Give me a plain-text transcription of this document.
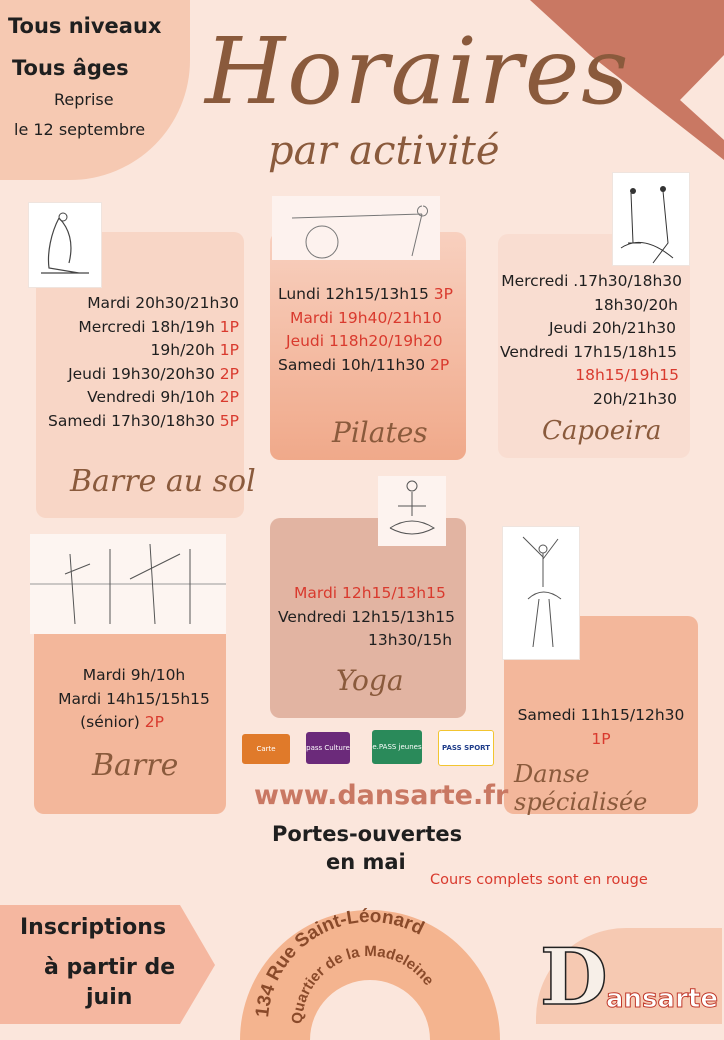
Tous niveaux
Tous âges
Reprise
le 12 septembre
Horaires
par activité
Mardi 20h30/21h30
Mercredi 18h/19h 1P
19h/20h 1P
Jeudi 19h30/20h30 2P
Vendredi 9h/10h 2P
Samedi 17h30/18h30 5P
Barre au sol
Lundi 12h15/13h15 3P
Mardi 19h40/21h10
Jeudi 118h20/19h20
Samedi 10h/11h30 2P
Pilates
Mercredi .17h30/18h30
18h30/20h
Jeudi 20h/21h30
Vendredi 17h15/18h15
18h15/19h15
20h/21h30
Capoeira
Mardi 9h/10h
Mardi 14h15/15h15
(sénior) 2P
Barre
Mardi 12h15/13h15
Vendredi 12h15/13h15
13h30/15h
Yoga
Samedi 11h15/12h30
1P
Danse spécialisée
Carte	pass Culture	e.PASS jeunes	PASS SPORT
www.dansarte.fr
Portes-ouvertes
en mai
Cours complets sont en rouge
Inscriptions
à partir de
juin
134 Rue Saint-Léonard
Quartier de la Madeleine D
ansarte
